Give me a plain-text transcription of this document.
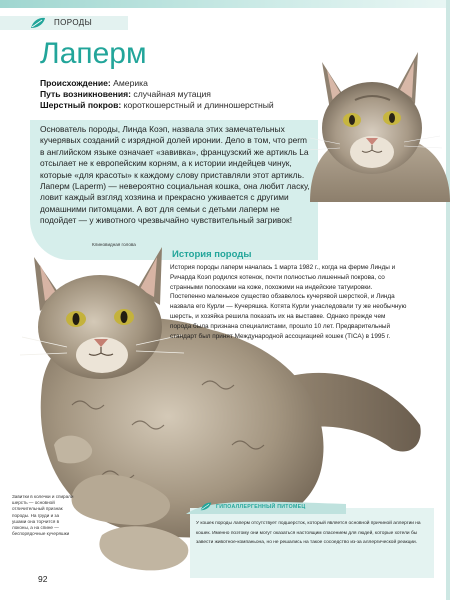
ПОРОДЫ
Лаперм
Происхождение: Америка
Путь возникновения: случайная мутация
Шерстный покров: короткошерстный и длинношерстный
Основатель породы, Линда Коэп, назвала этих замечательных кучерявых созданий с изрядной долей иронии. Дело в том, что perm в английском языке означает «завивка», французский же артикль La отсылает не к европейским корням, а к истории индейцев чинук, которые «для красоты» к каждому слову приставляли этот артикль. Лаперм (Laperm) — невероятно социальная кошка, она любит ласку, ловит каждый взгляд хозяина и прекрасно уживается с другими домашними питомцами. А вот для семьи с детьми лаперм не подойдет — у животного чрезвычайно чувствительный загривок!
Клиновидная голова
Завитки в колечки и спирали шерсть — основной отличительный признак породы. На груди и за ушами она торчится в локоны, а на спине — беспорядочные кучеряшки
История породы
История породы лаперм началась 1 марта 1982 г., когда на ферме Линды и Ричарда Коэп родился котенок, почти полностью лишенный покрова, со странными полосками на коже, похожими на индейские татуировки. Постепенно маленькое существо обзавелось кучерявой шерсткой, и Линда назвала его Курли — Кучеряшка. Котята Курли унаследовали ту же необычную шерсть, и хозяйка решила показать их на выставке. Однако прежде чем порода была признана специалистами, прошло 10 лет. Предварительный стандарт был принят Международной ассоциацией кошек (TICA) в 1995 г.
ГИПОАЛЛЕРГЕННЫЙ ПИТОМЕЦ
У кошек породы лаперм отсутствует подшерсток, который является основной причиной аллергии на кошек. Именно поэтому они могут оказаться настоящим спасением для людей, которые хотели бы завести животное-компаньона, но не решались на такое сосоедство из-за аллергической реакции.
92
